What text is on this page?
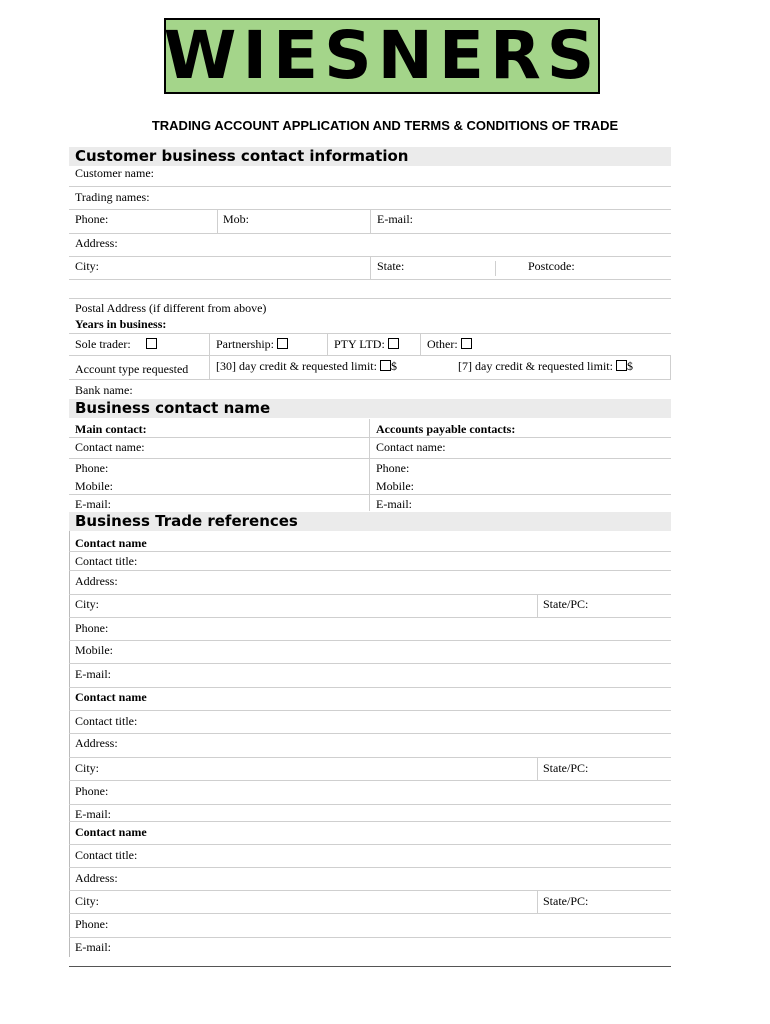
WIESNERS
TRADING ACCOUNT APPLICATION AND TERMS & CONDITIONS OF TRADE
Customer business contact information
Customer name:
Trading names:
Phone:	Mob:	E-mail:
Address:
City:	State:	Postcode:
Postal Address (if different from above)
Years in business:
Sole trader:	Partnership:	PTY LTD:	Other:
Account type requested [30] day credit & requested limit: $	[7] day credit & requested limit: $
Bank name:
Business contact name
Main contact:	Accounts payable contacts:
Contact name:	Contact name:
Phone:	Phone:
Mobile:	Mobile:
E-mail:	E-mail:
Business Trade references
Contact name
Contact title:
Address:
City:	State/PC:
Phone:
Mobile:
E-mail:
Contact name
Contact title:
Address:
City:	State/PC:
Phone:
E-mail:
Contact name
Contact title:
Address:
City:	State/PC:
Phone:
E-mail:
